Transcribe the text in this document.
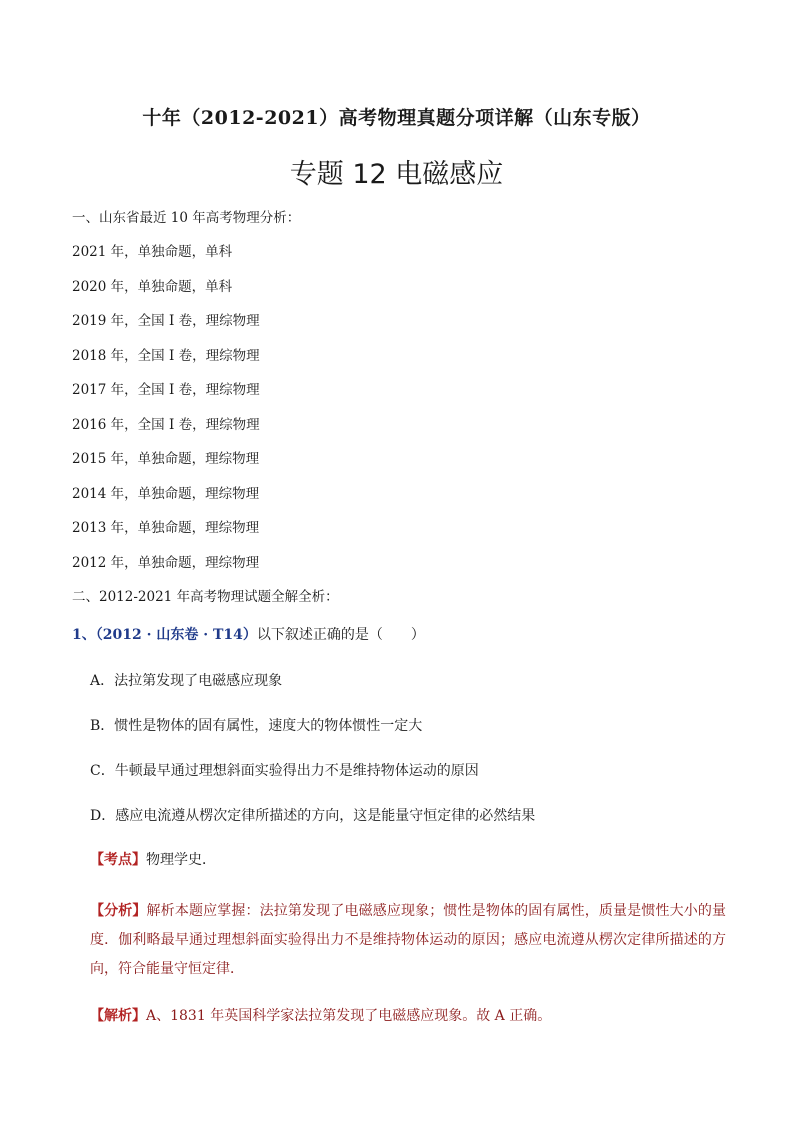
十年（2012-2021）高考物理真题分项详解（山东专版）
专题 12 电磁感应
一、山东省最近 10 年高考物理分析：
2021 年，单独命题，单科
2020 年，单独命题，单科
2019 年，全国 I 卷，理综物理
2018 年，全国 I 卷，理综物理
2017 年，全国 I 卷，理综物理
2016 年，全国 I 卷，理综物理
2015 年，单独命题，理综物理
2014 年，单独命题，理综物理
2013 年，单独命题，理综物理
2012 年，单独命题，理综物理
二、2012-2021 年高考物理试题全解全析：
1、（2012 · 山东卷 · T14）以下叙述正确的是（　　）
A．法拉第发现了电磁感应现象
B．惯性是物体的固有属性，速度大的物体惯性一定大
C．牛顿最早通过理想斜面实验得出力不是维持物体运动的原因
D．感应电流遵从楞次定律所描述的方向，这是能量守恒定律的必然结果
【考点】物理学史．
【分析】解析本题应掌握：法拉第发现了电磁感应现象；惯性是物体的固有属性，质量是惯性大小的量度．伽利略最早通过理想斜面实验得出力不是维持物体运动的原因；感应电流遵从楞次定律所描述的方向，符合能量守恒定律．
【解析】A、1831 年英国科学家法拉第发现了电磁感应现象。故 A 正确。
